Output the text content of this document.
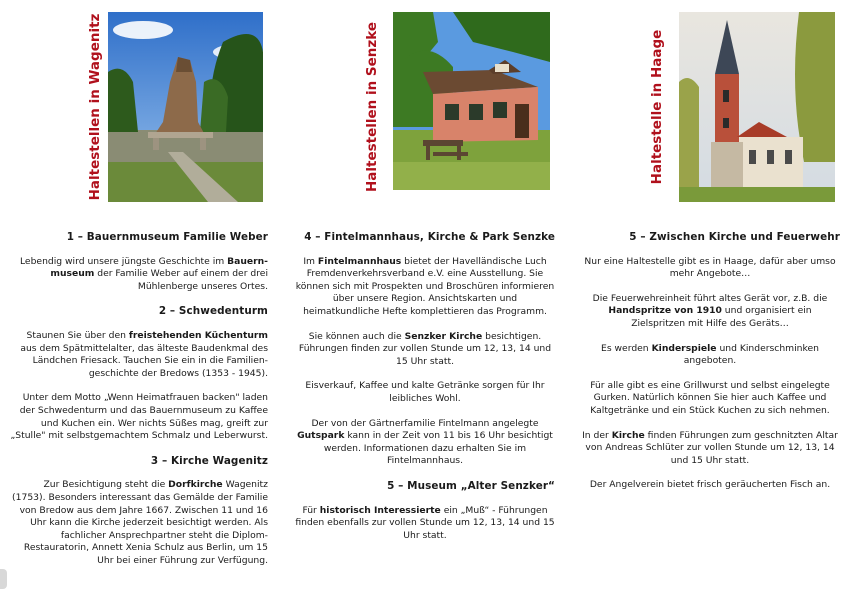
Haltestellen in Wagenitz
1 – Bauernmuseum Familie Weber

Lebendig wird unsere jüngste Geschichte im Bauern-museum der Familie Weber auf einem der drei Mühlenberge unseres Ortes.

2 – Schwedenturm

Staunen Sie über den freistehenden Küchenturm aus dem Spätmittelalter, das älteste Baudenkmal des Ländchen Friesack. Tauchen Sie ein in die Familien-geschichte der Bredows (1353 - 1945).

Unter dem Motto „Wenn Heimatfrauen backen" laden der Schwedenturm und das Bauernmuseum zu Kaffee und Kuchen ein. Wer nichts Süßes mag, greift zur „Stulle" mit selbstgemachtem Schmalz und Leberwurst.

3 – Kirche Wagenitz

Zur Besichtigung steht die Dorfkirche Wagenitz (1753). Besonders interessant das Gemälde der Familie von Bredow aus dem Jahre 1667. Zwischen 11 und 16 Uhr kann die Kirche jederzeit besichtigt werden. Als fachlicher Ansprechpartner steht die Diplom-Restauratorin, Annett Xenia Schulz aus Berlin, um 15 Uhr bei einer Führung zur Verfügung.

Haltestellen in Senzke
4 – Fintelmannhaus, Kirche & Park Senzke

Im Fintelmannhaus bietet der Havelländische Luch Fremdenverkehrsverband e.V. eine Ausstellung. Sie können sich mit Prospekten und Broschüren informieren über unsere Region. Ansichtskarten und heimatkundliche Hefte komplettieren das Programm.

Sie können auch die Senzker Kirche besichtigen. Führungen finden zur vollen Stunde um 12, 13, 14 und 15 Uhr statt.

Eisverkauf, Kaffee und kalte Getränke sorgen für Ihr leibliches Wohl.

Der von der Gärtnerfamilie Fintelmann angelegte Gutspark kann in der Zeit von 11 bis 16 Uhr besichtigt werden. Informationen dazu erhalten Sie im Fintelmannhaus.

5 – Museum „Alter Senzker“

Für historisch Interessierte ein „Muß“ - Führungen finden ebenfalls zur vollen Stunde um 12, 13, 14 und 15 Uhr statt.

Haltestelle in Haage
5 – Zwischen Kirche und Feuerwehr

Nur eine Haltestelle gibt es in Haage, dafür aber umso mehr Angebote…

Die Feuerwehreinheit führt altes Gerät vor, z.B. die Handspritze von 1910 und organisiert ein Zielspritzen mit Hilfe des Geräts…

Es werden Kinderspiele und Kinderschminken angeboten.

Für alle gibt es eine Grillwurst und selbst eingelegte Gurken. Natürlich können Sie hier auch Kaffee und Kaltgetränke und ein Stück Kuchen zu sich nehmen.

In der Kirche finden Führungen zum geschnitzten Altar von Andreas Schlüter zur vollen Stunde um 12, 13, 14 und 15 Uhr statt.

Der Angelverein bietet frisch geräucherten Fisch an.
